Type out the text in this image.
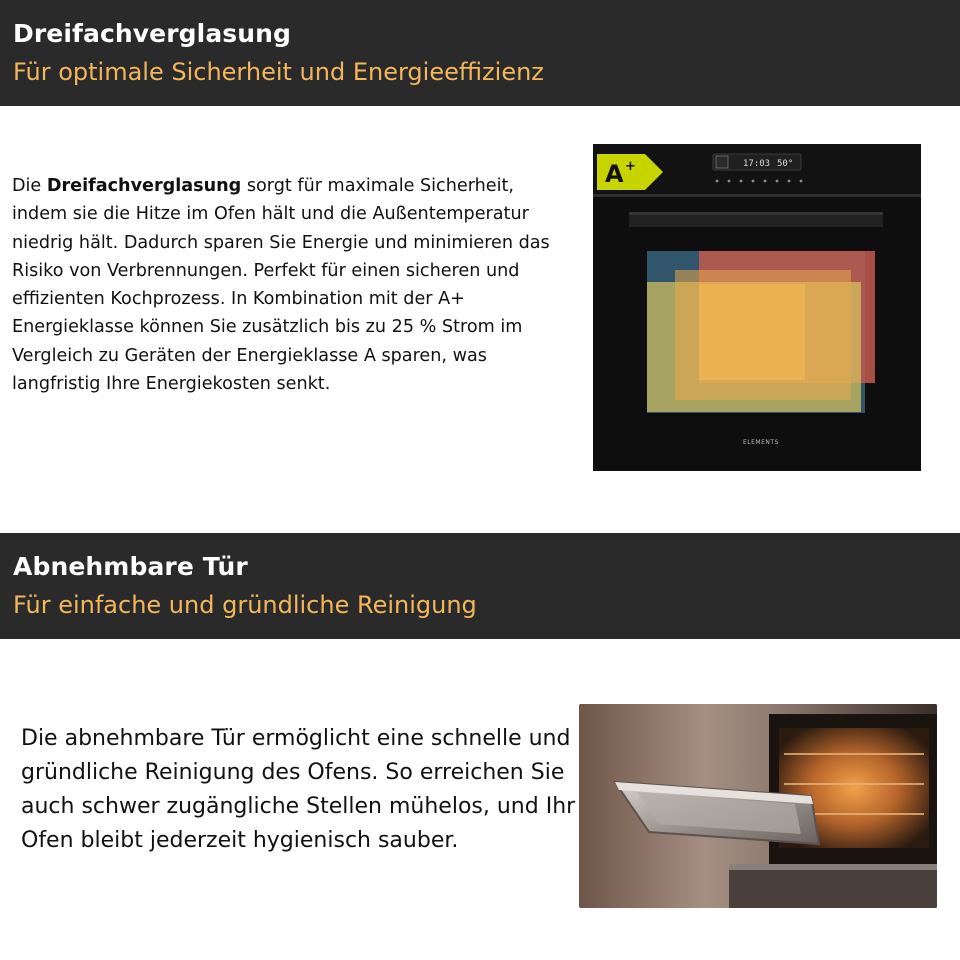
Dreifachverglasung
Für optimale Sicherheit und Energieeffizienz
Die Dreifachverglasung sorgt für maximale Sicherheit, indem sie die Hitze im Ofen hält und die Außentemperatur niedrig hält. Dadurch sparen Sie Energie und minimieren das Risiko von Verbrennungen. Perfekt für einen sicheren und effizienten Kochprozess. In Kombination mit der A+ Energieklasse können Sie zusätzlich bis zu 25 % Strom im Vergleich zu Geräten der Energieklasse A sparen, was langfristig Ihre Energiekosten senkt.
17:03 50°
ELEMENTS
A +
Abnehmbare Tür
Für einfache und gründliche Reinigung
Die abnehmbare Tür ermöglicht eine schnelle und gründliche Reinigung des Ofens. So erreichen Sie auch schwer zugängliche Stellen mühelos, und Ihr Ofen bleibt jederzeit hygienisch sauber.
